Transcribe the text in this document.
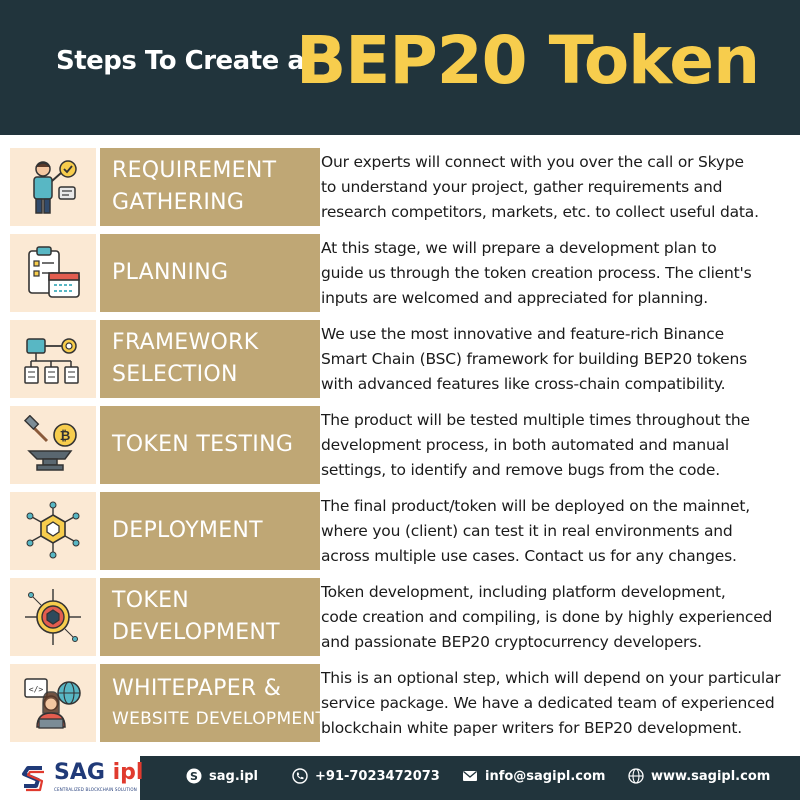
Steps To Create a
BEP20 Token
REQUIREMENT
GATHERING
Our experts will connect with you over the call or Skype
to understand your project, gather requirements and
research competitors, markets, etc. to collect useful data.
PLANNING
At this stage, we will prepare a development plan to
guide us through the token creation process. The client's
inputs are welcomed and appreciated for planning.
FRAMEWORK
SELECTION
We use the most innovative and feature-rich Binance
Smart Chain (BSC) framework for building BEP20 tokens
with advanced features like cross-chain compatibility.
₿ TOKEN TESTING
The product will be tested multiple times throughout the
development process, in both automated and manual
settings, to identify and remove bugs from the code.
DEPLOYMENT
The final product/token will be deployed on the mainnet,
where you (client) can test it in real environments and
across multiple use cases. Contact us for any changes.
TOKEN
DEVELOPMENT
Token development, including platform development,
code creation and compiling, is done by highly experienced
and passionate BEP20 cryptocurrency developers.
</>	WHITEPAPER &
WEBSITE DEVELOPMENT
This is an optional step, which will depend on your particular
service package. We have a dedicated team of experienced
blockchain white paper writers for BEP20 development.
SAG ipl
CENTRALIZED BLOCKCHAIN SOLUTION
S sag.ipl	+91-7023472073	info@sagipl.com	www.sagipl.com
